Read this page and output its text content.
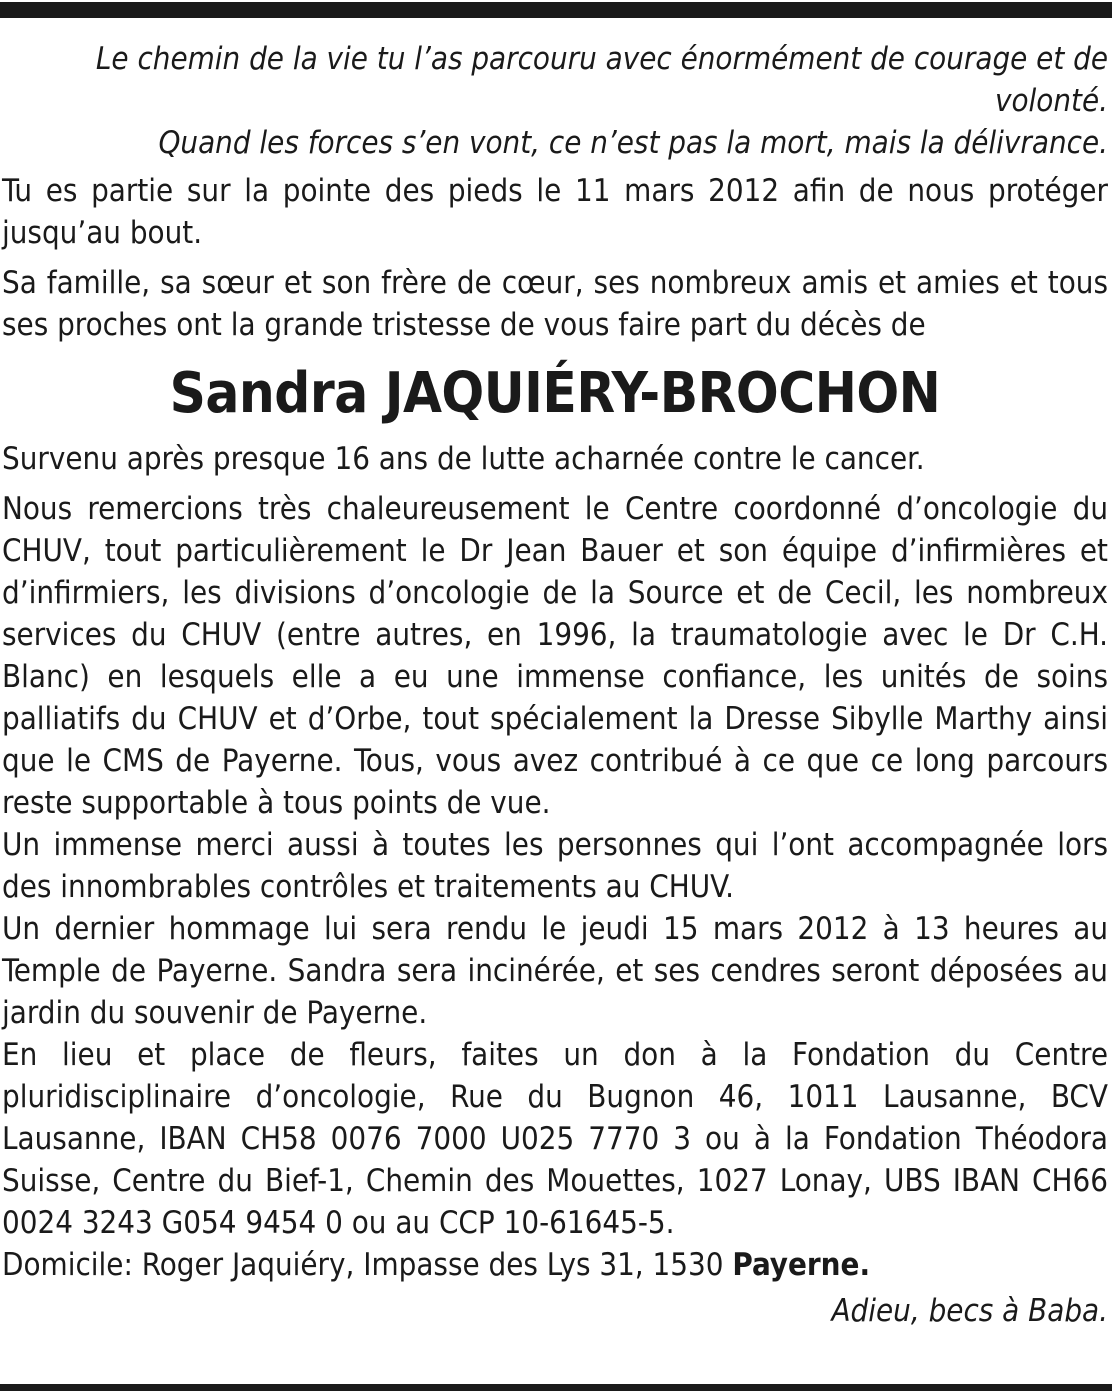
Le chemin de la vie tu l’as parcouru avec énormément de courage et de volonté.

Quand les forces s’en vont, ce n’est pas la mort, mais la délivrance.

Tu es partie sur la pointe des pieds le 11 mars 2012 afin de nous protéger jusqu’au bout.

Sa famille, sa sœur et son frère de cœur, ses nombreux amis et amies et tous ses proches ont la grande tristesse de vous faire part du décès de

Sandra JAQUIÉRY-BROCHON

Survenu après presque 16 ans de lutte acharnée contre le cancer.

Nous remercions très chaleureusement le Centre coordonné d’oncologie du CHUV, tout particulièrement le Dr Jean Bauer et son équipe d’infirmières et d’infirmiers, les divisions d’oncologie de la Source et de Cecil, les nombreux services du CHUV (entre autres, en 1996, la traumatologie avec le Dr C.H. Blanc) en lesquels elle a eu une immense confiance, les unités de soins palliatifs du CHUV et d’Orbe, tout spécialement la Dresse Sibylle Marthy ainsi que le CMS de Payerne. Tous, vous avez contribué à ce que ce long parcours reste supportable à tous points de vue.

Un immense merci aussi à toutes les personnes qui l’ont accompagnée lors des innombrables contrôles et traitements au CHUV.

Un dernier hommage lui sera rendu le jeudi 15 mars 2012 à 13 heures au Temple de Payerne. Sandra sera incinérée, et ses cendres seront déposées au jardin du souvenir de Payerne.

En lieu et place de fleurs, faites un don à la Fondation du Centre pluridisciplinaire d’oncologie, Rue du Bugnon 46, 1011 Lausanne, BCV Lausanne, IBAN CH58 0076 7000 U025 7770 3 ou à la Fondation Théodora Suisse, Centre du Bief-1, Chemin des Mouettes, 1027 Lonay, UBS IBAN CH66 0024 3243 G054 9454 0 ou au CCP 10-61645-5.

Domicile: Roger Jaquiéry, Impasse des Lys 31, 1530 Payerne.

Adieu, becs à Baba.
